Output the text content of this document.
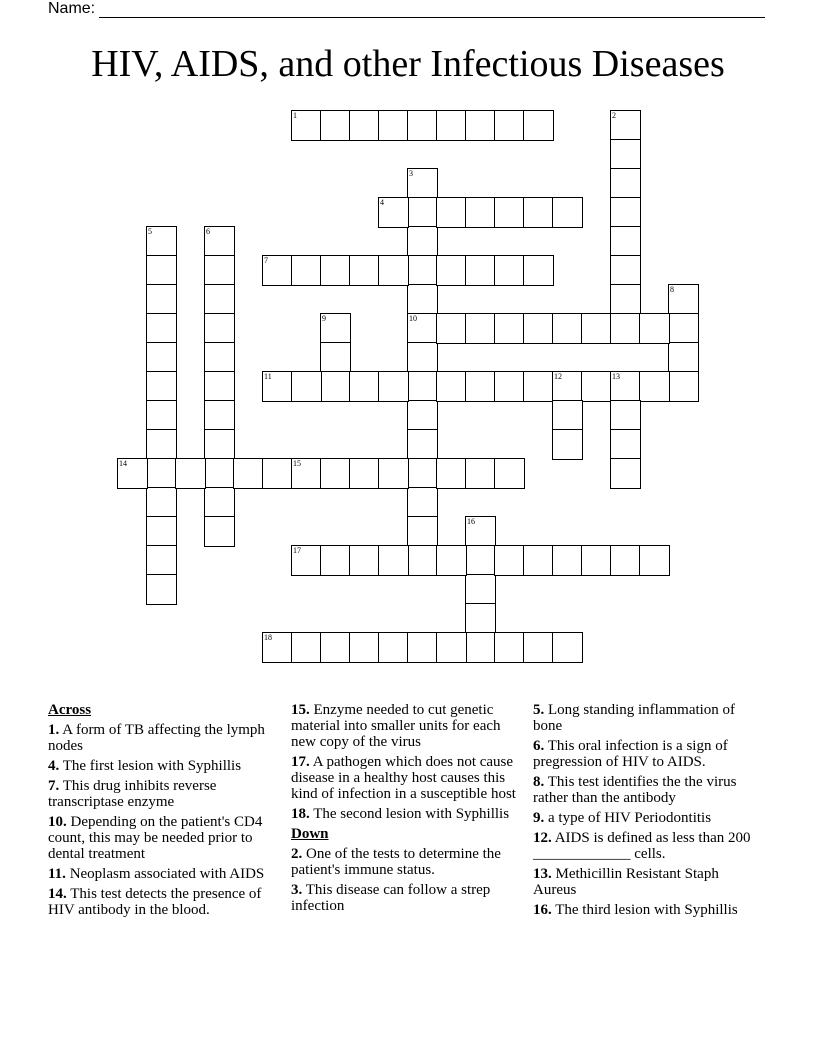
Name:
HIV, AIDS, and other Infectious Diseases
1	2
3
10
4
5	6
7
8
9
11	12	13
14	15
16
17
18
Across
1. A form of TB affecting the lymph nodes
4. The first lesion with Syphillis
7. This drug inhibits reverse transcriptase enzyme
10. Depending on the patient's CD4 count, this may be needed prior to dental treatment
11. Neoplasm associated with AIDS
14. This test detects the presence of HIV antibody in the blood.
15. Enzyme needed to cut genetic material into smaller units for each new copy of the virus
17. A pathogen which does not cause disease in a healthy host causes this kind of infection in a susceptible host
18. The second lesion with Syphillis
Down
2. One of the tests to determine the patient's immune status.
3. This disease can follow a strep infection
5. Long standing inflammation of bone
6. This oral infection is a sign of pregression of HIV to AIDS.
8. This test identifies the the virus rather than the antibody
9. a type of HIV Periodontitis
12. AIDS is defined as less than 200 _____________ cells.
13. Methicillin Resistant Staph Aureus
16. The third lesion with Syphillis
